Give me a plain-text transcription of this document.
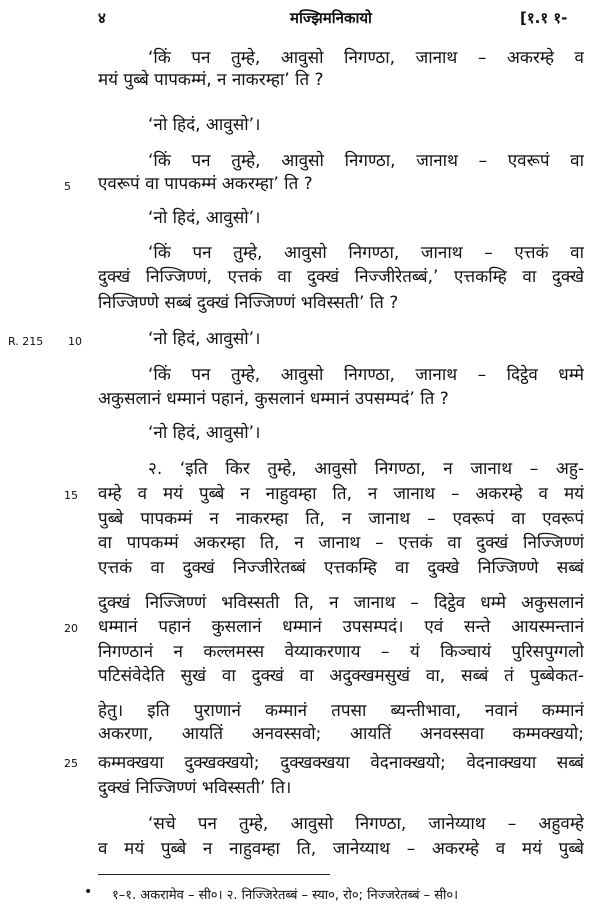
४	मज्झिमनिकायो	[१.१ १-
R. 215
5
10
15
20
25
‘किं पन तुम्हे, आवुसो निगण्ठा, जानाथ – अकरम्हे व
मयं पुब्बे पापकम्मं, न नाकरम्हा’ ति ?
‘नो हिदं, आवुसो’।
‘किं पन तुम्हे, आवुसो निगण्ठा, जानाथ – एवरूपं वा
एवरूपं वा पापकम्मं अकरम्हा’ ति ?
‘नो हिदं, आवुसो’।
‘किं पन तुम्हे, आवुसो निगण्ठा, जानाथ – एत्तकं वा
दुक्खं निज्जिण्णं, एत्तकं वा दुक्खं निज्जीरेतब्बं,’ एत्तकम्हि वा दुक्खे
निज्जिण्णे सब्बं दुक्खं निज्जिण्णं भविस्सती’ ति ?
‘नो हिदं, आवुसो’।
‘किं पन तुम्हे, आवुसो निगण्ठा, जानाथ – दिट्ठेव धम्मे
अकुसलानं धम्मानं पहानं, कुसलानं धम्मानं उपसम्पदं’ ति ?
‘नो हिदं, आवुसो’।
२. ‘इति किर तुम्हे, आवुसो निगण्ठा, न जानाथ – अहु-
वम्हे व मयं पुब्बे न नाहुवम्हा ति, न जानाथ – अकरम्हे व मयं
पुब्बे पापकम्मं न नाकरम्हा ति, न जानाथ – एवरूपं वा एवरूपं
वा पापकम्मं अकरम्हा ति, न जानाथ – एत्तकं वा दुक्खं निज्जिण्णं
एत्तकं वा दुक्खं निज्जीरेतब्बं एत्तकम्हि वा दुक्खे निज्जिण्णे सब्बं
दुक्खं निज्जिण्णं भविस्सती ति, न जानाथ – दिट्ठेव धम्मे अकुसलानं
धम्मानं पहानं कुसलानं धम्मानं उपसम्पदं। एवं सन्ते आयस्मन्तानं
निगण्ठानं न कल्लमस्स वेय्याकरणाय – यं किञ्चायं पुरिसपुग्गलो
पटिसंवेदेति सुखं वा दुक्खं वा अदुक्खमसुखं वा, सब्बं तं पुब्बेकत-
हेतु। इति पुराणानं कम्मानं तपसा ब्यन्तीभावा, नवानं कम्मानं
अकरणा, आयतिं अनवस्सवो; आयतिं अनवस्सवा कम्मक्खयो;
कम्मक्खया दुक्खक्खयो; दुक्खक्खया वेदनाक्खयो; वेदनाक्खया सब्बं
दुक्खं निज्जिण्णं भविस्सती’ ति।
‘सचे पन तुम्हे, आवुसो निगण्ठा, जानेय्याथ – अहुवम्हे
व मयं पुब्बे न नाहुवम्हा ति, जानेय्याथ – अकरम्हे व मयं पुब्बे
• १–१. अकरामेव – सी०। २. निज्जिरेतब्बं – स्या०, रो०; निज्जरेतब्बं – सी०।
